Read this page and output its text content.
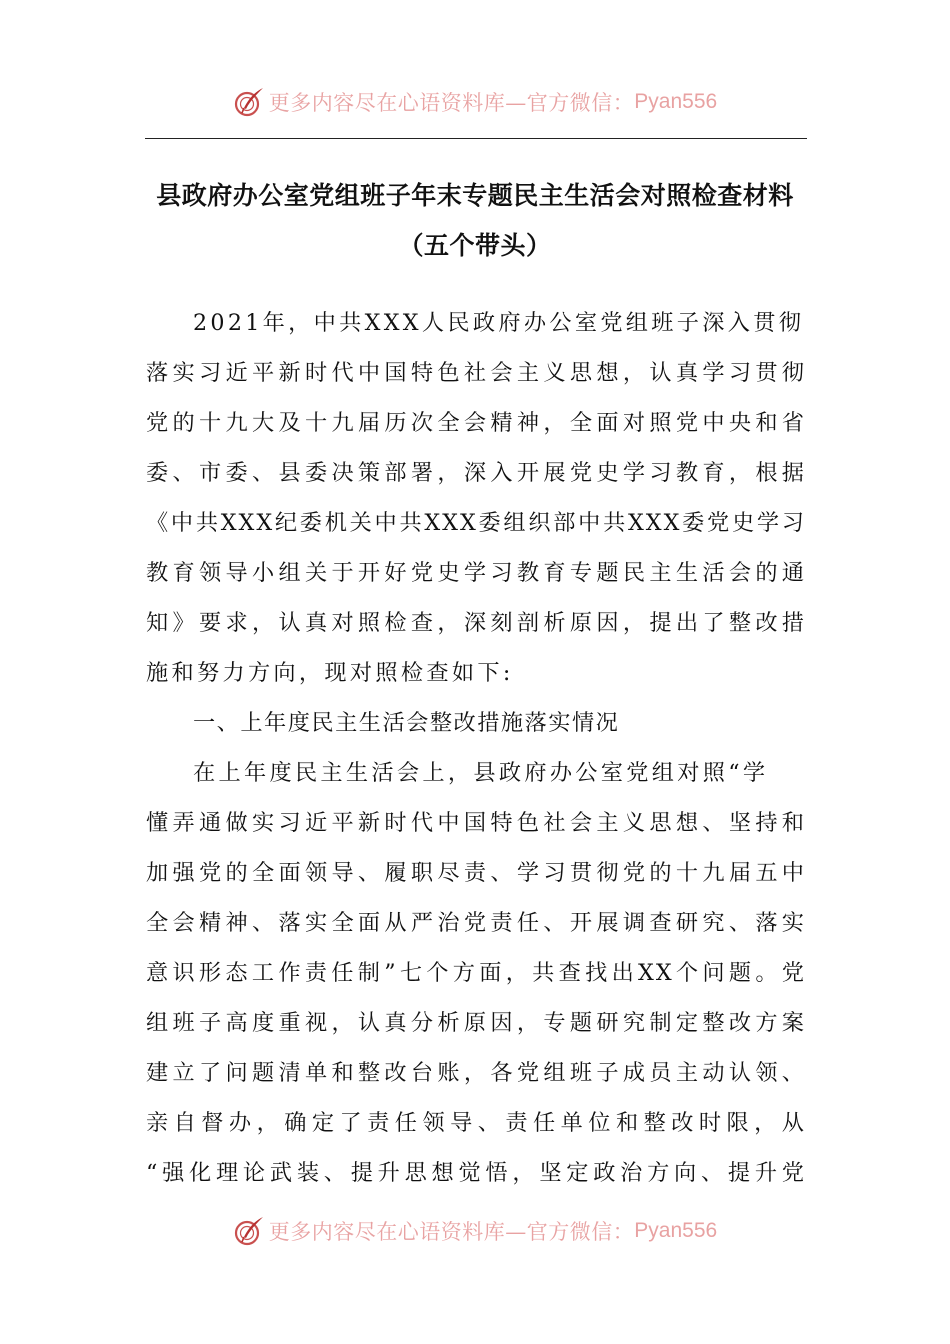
更多内容尽在心语资料库—官方微信： Pyan556
县政府办公室党组班子年末专题民主生活会对照检查材料
（五个带头）
2021年，中共XXX人民政府办公室党组班子深入贯彻
落实习近平新时代中国特色社会主义思想，认真学习贯彻
党的十九大及十九届历次全会精神，全面对照党中央和省
委、市委、县委决策部署，深入开展党史学习教育，根据
《中共XXX纪委机关中共XXX委组织部中共XXX委党史学习
教育领导小组关于开好党史学习教育专题民主生活会的通
知》要求，认真对照检查，深刻剖析原因，提出了整改措
施和努力方向，现对照检查如下:
一、上年度民主生活会整改措施落实情况
在上年度民主生活会上，县政府办公室党组对照“学
懂弄通做实习近平新时代中国特色社会主义思想、坚持和
加强党的全面领导、履职尽责、学习贯彻党的十九届五中
全会精神、落实全面从严治党责任、开展调查研究、落实
意识形态工作责任制”七个方面，共查找出XX个问题。党
组班子高度重视，认真分析原因，专题研究制定整改方案
建立了问题清单和整改台账，各党组班子成员主动认领、
亲自督办，确定了责任领导、责任单位和整改时限，从
“强化理论武装、提升思想觉悟，坚定政治方向、提升党
更多内容尽在心语资料库—官方微信： Pyan556
